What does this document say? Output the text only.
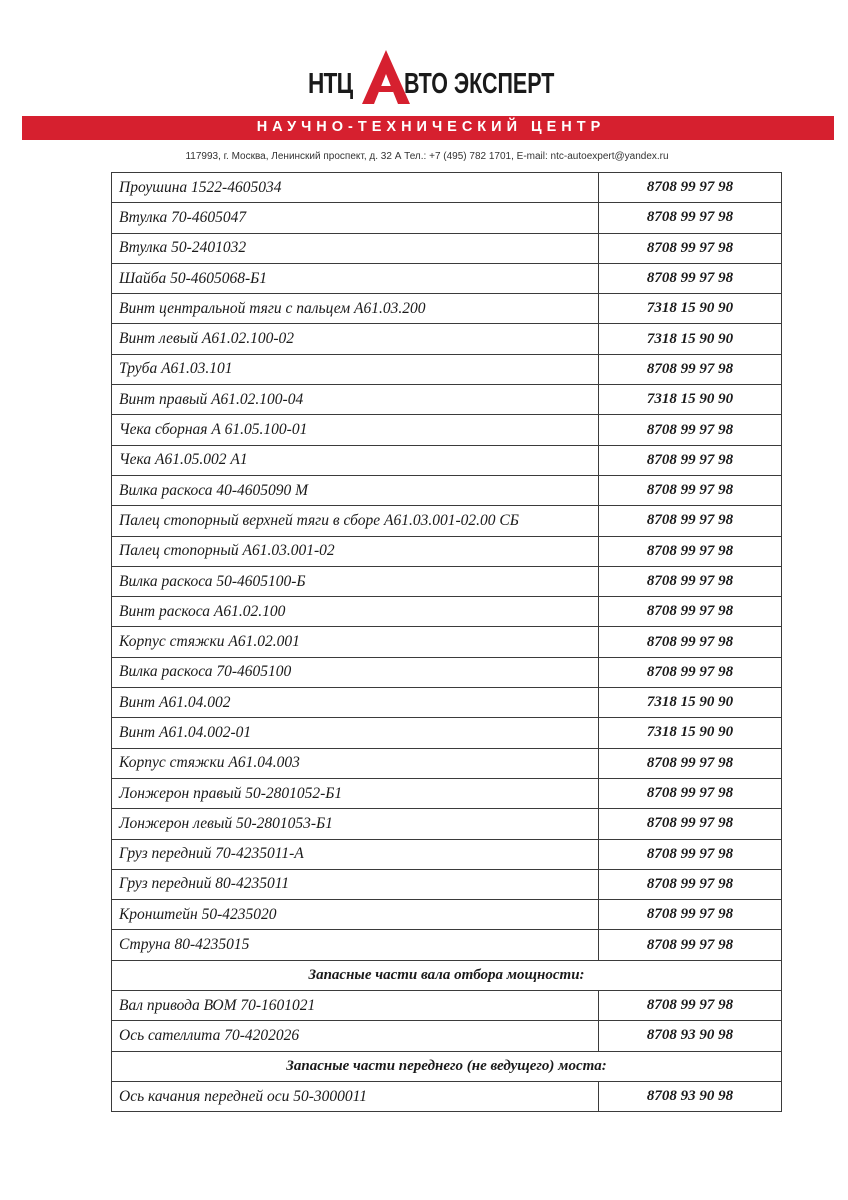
НТЦ ВТО ЭКСПЕРТ
НАУЧНО-ТЕХНИЧЕСКИЙ ЦЕНТР
117993, г. Москва, Ленинский проспект, д. 32 А Тел.: +7 (495) 782 1701, E-mail: ntc-autoexpert@yandex.ru
Проушина 1522-4605034	8708 99 97 98
Втулка 70-4605047	8708 99 97 98
Втулка 50-2401032	8708 99 97 98
Шайба 50-4605068-Б1	8708 99 97 98
Винт центральной тяги с пальцем А61.03.200	7318 15 90 90
Винт левый А61.02.100-02	7318 15 90 90
Труба А61.03.101	8708 99 97 98
Винт правый А61.02.100-04	7318 15 90 90
Чека сборная А 61.05.100-01	8708 99 97 98
Чека А61.05.002 А1	8708 99 97 98
Вилка раскоса 40-4605090 М	8708 99 97 98
Палец стопорный верхней тяги в сборе А61.03.001-02.00 СБ	8708 99 97 98
Палец стопорный А61.03.001-02	8708 99 97 98
Вилка раскоса 50-4605100-Б	8708 99 97 98
Винт раскоса А61.02.100	8708 99 97 98
Корпус стяжки А61.02.001	8708 99 97 98
Вилка раскоса 70-4605100	8708 99 97 98
Винт А61.04.002	7318 15 90 90
Винт А61.04.002-01	7318 15 90 90
Корпус стяжки А61.04.003	8708 99 97 98
Лонжерон правый 50-2801052-Б1	8708 99 97 98
Лонжерон левый 50-2801053-Б1	8708 99 97 98
Груз передний 70-4235011-А	8708 99 97 98
Груз передний 80-4235011	8708 99 97 98
Кронштейн 50-4235020	8708 99 97 98
Струна 80-4235015	8708 99 97 98
Запасные части вала отбора мощности:	
Вал привода ВОМ 70-1601021	8708 99 97 98
Ось сателлита 70-4202026	8708 93 90 98
Запасные части переднего (не ведущего) моста:	
Ось качания передней оси 50-3000011	8708 93 90 98
